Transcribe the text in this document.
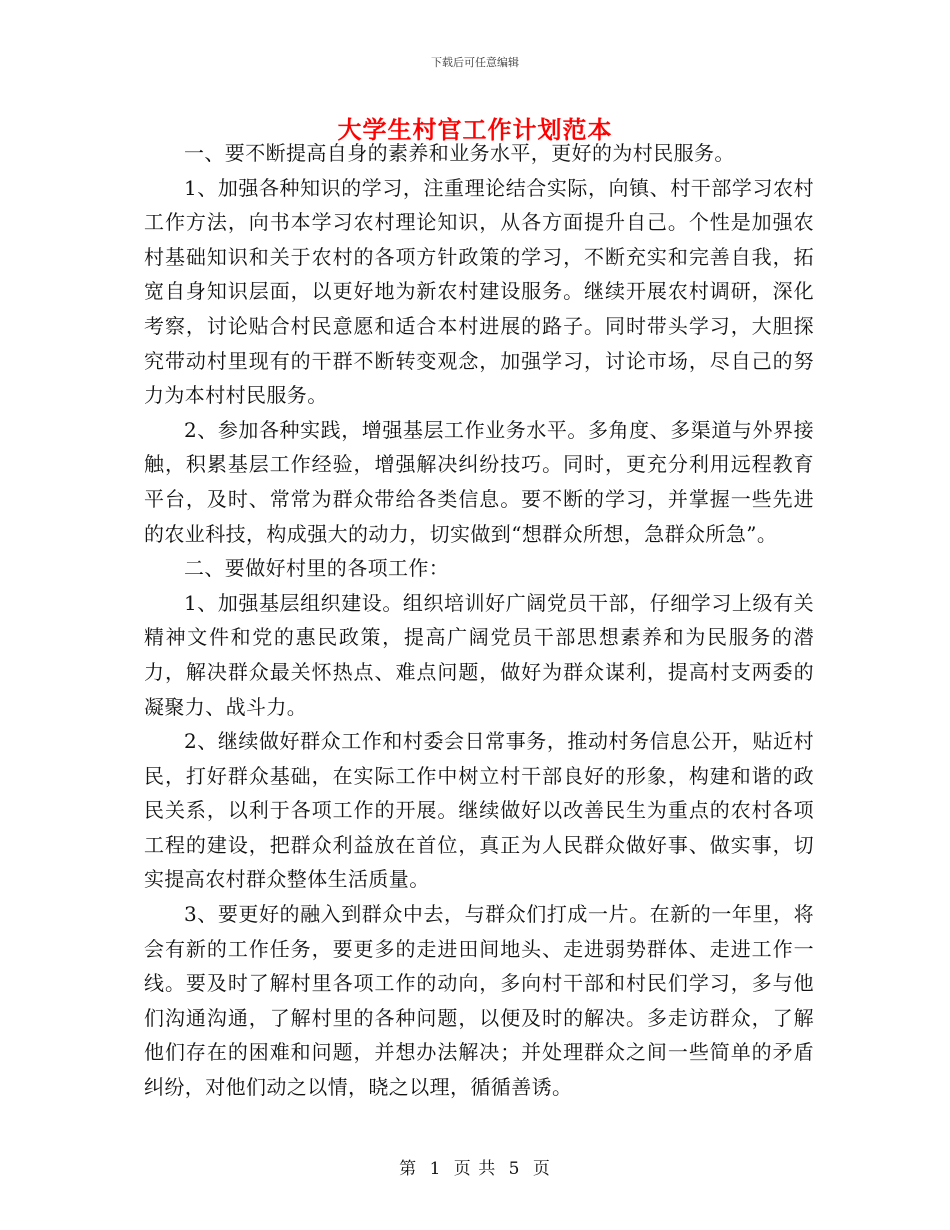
下载后可任意编辑
大学生村官工作计划范本

一、要不断提高自身的素养和业务水平，更好的为村民服务。

1、加强各种知识的学习，注重理论结合实际，向镇、村干部学习农村工作方法，向书本学习农村理论知识，从各方面提升自己。个性是加强农村基础知识和关于农村的各项方针政策的学习，不断充实和完善自我，拓宽自身知识层面，以更好地为新农村建设服务。继续开展农村调研，深化考察，讨论贴合村民意愿和适合本村进展的路子。同时带头学习，大胆探究带动村里现有的干群不断转变观念，加强学习，讨论市场，尽自己的努力为本村村民服务。

2、参加各种实践，增强基层工作业务水平。多角度、多渠道与外界接触，积累基层工作经验，增强解决纠纷技巧。同时，更充分利用远程教育平台，及时、常常为群众带给各类信息。要不断的学习，并掌握一些先进的农业科技，构成强大的动力，切实做到“想群众所想，急群众所急”。

二、要做好村里的各项工作：

1、加强基层组织建设。组织培训好广阔党员干部，仔细学习上级有关精神文件和党的惠民政策，提高广阔党员干部思想素养和为民服务的潜力，解决群众最关怀热点、难点问题，做好为群众谋利，提高村支两委的凝聚力、战斗力。

2、继续做好群众工作和村委会日常事务，推动村务信息公开，贴近村民，打好群众基础，在实际工作中树立村干部良好的形象，构建和谐的政民关系，以利于各项工作的开展。继续做好以改善民生为重点的农村各项工程的建设，把群众利益放在首位，真正为人民群众做好事、做实事，切实提高农村群众整体生活质量。

3、要更好的融入到群众中去，与群众们打成一片。在新的一年里，将会有新的工作任务，要更多的走进田间地头、走进弱势群体、走进工作一线。要及时了解村里各项工作的动向，多向村干部和村民们学习，多与他们沟通沟通，了解村里的各种问题，以便及时的解决。多走访群众，了解他们存在的困难和问题，并想办法解决；并处理群众之间一些简单的矛盾纠纷，对他们动之以情，晓之以理，循循善诱。

第 1 页 共 5 页
